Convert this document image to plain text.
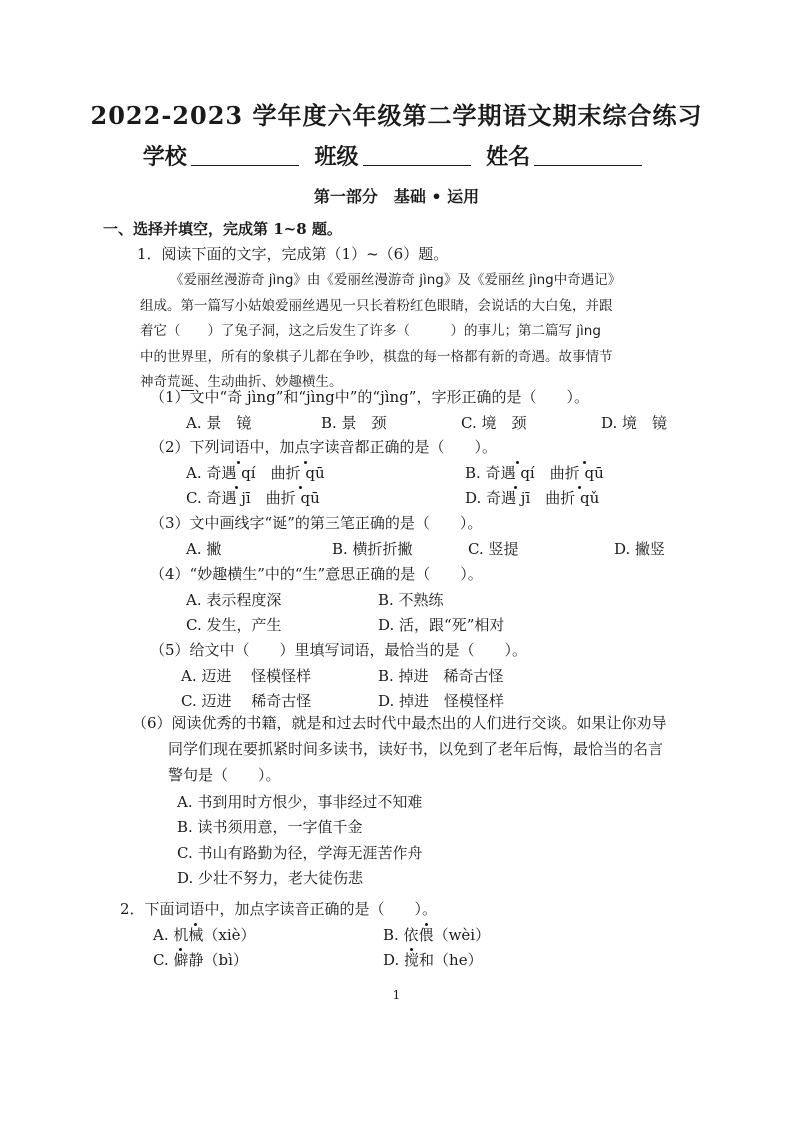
2022-2023 学年度六年级第二学期语文期末综合练习
学校	班级	姓名
第一部分　基础 • 运用
一、选择并填空，完成第 1~8 题。
1．阅读下面的文字，完成第（1）~（6）题。

《爱丽丝漫游奇 jìng》由《爱丽丝漫游奇 jìng》及《爱丽丝 jìng中奇遇记》

组成。第一篇写小姑娘爱丽丝遇见一只长着粉红色眼睛，会说话的大白兔，并跟

着它（　　）了兔子洞，这之后发生了许多（　　　）的事儿；第二篇写 jìng

中的世界里，所有的象棋子儿都在争吵，棋盘的每一格都有新的奇遇。故事情节

神奇荒诞、生动曲折、妙趣横生。

（1）文中“奇 jìng”和“jìng中”的“jìng”，字形正确的是（　　）。
A. 景　镜	B. 景　颈	C. 境　颈	D. 境　镜
（2）下列词语中，加点字读音都正确的是（　　）。
A. 奇遇 qí　 曲折 qū	B. 奇遇 qí　 曲折 qū
C. 奇遇 jī　 曲折 qū	D. 奇遇 jī　 曲折 qǔ
（3）文中画线字“诞”的第三笔正确的是（　　）。
A. 撇	B. 横折折撇	C. 竖提	D. 撇竖
（4）“妙趣横生”中的“生”意思正确的是（　　）。
A. 表示程度深	B. 不熟练
C. 发生，产生	D. 活，跟“死”相对
（5）给文中（　　）里填写词语，最恰当的是（　　）。
A. 迈进　 怪模怪样	B. 掉进　稀奇古怪
C. 迈进　 稀奇古怪	D. 掉进　怪模怪样

（6）阅读优秀的书籍，就是和过去时代中最杰出的人们进行交谈。如果让你劝导

同学们现在要抓紧时间多读书，读好书，以免到了老年后悔，最恰当的名言

警句是（　　）。

A. 书到用时方恨少，事非经过不知难
B. 读书须用意，一字值千金
C. 书山有路勤为径，学海无涯苦作舟
D. 少壮不努力，老大徒伤悲
2．下面词语中，加点字读音正确的是（　　）。
A. 机械（xiè）	B. 依偎（wèi）
C. 僻静（bì）	D. 搅和（he）
1
